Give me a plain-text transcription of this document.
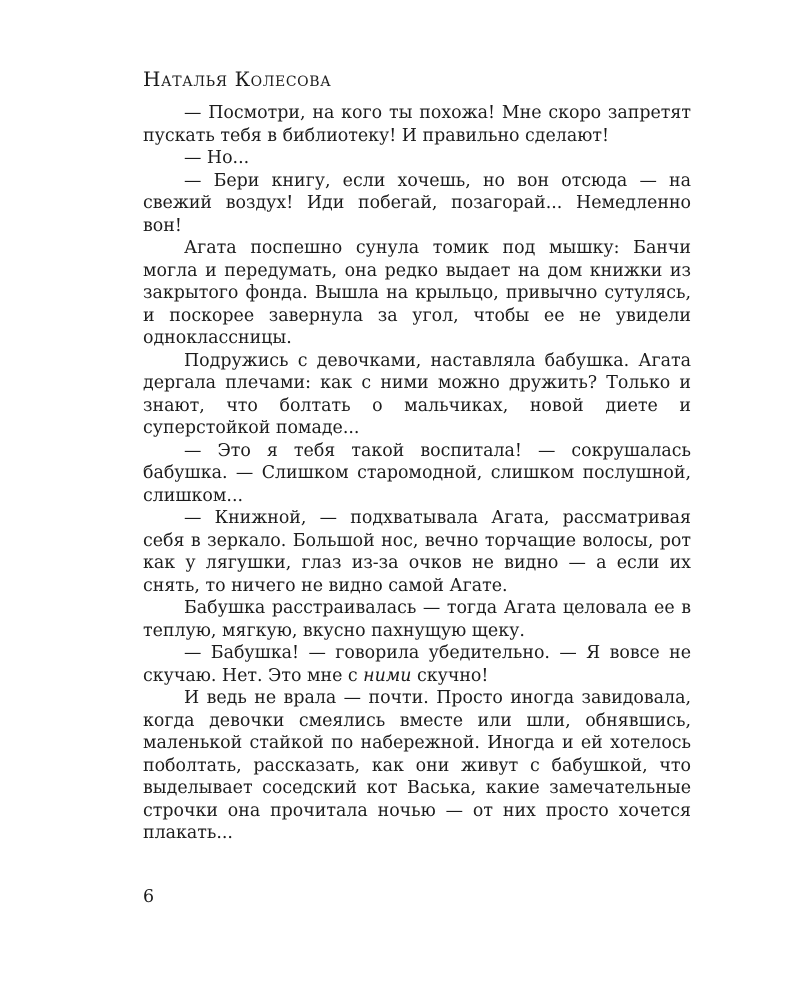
Наталья Колесова

— Посмотри, на кого ты похожа! Мне скоро запретят пускать тебя в библиотеку! И правильно сделают!

— Но...

— Бери книгу, если хочешь, но вон отсюда — на свежий воздух! Иди побегай, позагорай... Немедленно вон!

Агата поспешно сунула томик под мышку: Банчи могла и передумать, она редко выдает на дом книжки из закрытого фонда. Вышла на крыльцо, привычно сутулясь, и поскорее завернула за угол, чтобы ее не увидели одноклассницы.

Подружись с девочками, наставляла бабушка. Агата дергала плечами: как с ними можно дружить? Только и знают, что болтать о мальчиках, новой диете и суперстойкой помаде...

— Это я тебя такой воспитала! — сокрушалась бабушка. — Слишком старомодной, слишком послушной, слишком...

— Книжной, — подхватывала Агата, рассматривая себя в зеркало. Большой нос, вечно торчащие волосы, рот как у лягушки, глаз из-за очков не видно — а если их снять, то ничего не видно самой Агате.

Бабушка расстраивалась — тогда Агата целовала ее в теплую, мягкую, вкусно пахнущую щеку.

— Бабушка! — говорила убедительно. — Я вовсе не скучаю. Нет. Это мне с ними скучно!

И ведь не врала — почти. Просто иногда завидовала, когда девочки смеялись вместе или шли, обнявшись, маленькой стайкой по набережной. Иногда и ей хотелось поболтать, рассказать, как они живут с бабушкой, что выделывает соседский кот Васька, какие замечательные строчки она прочитала ночью — от них просто хочется плакать...

6
